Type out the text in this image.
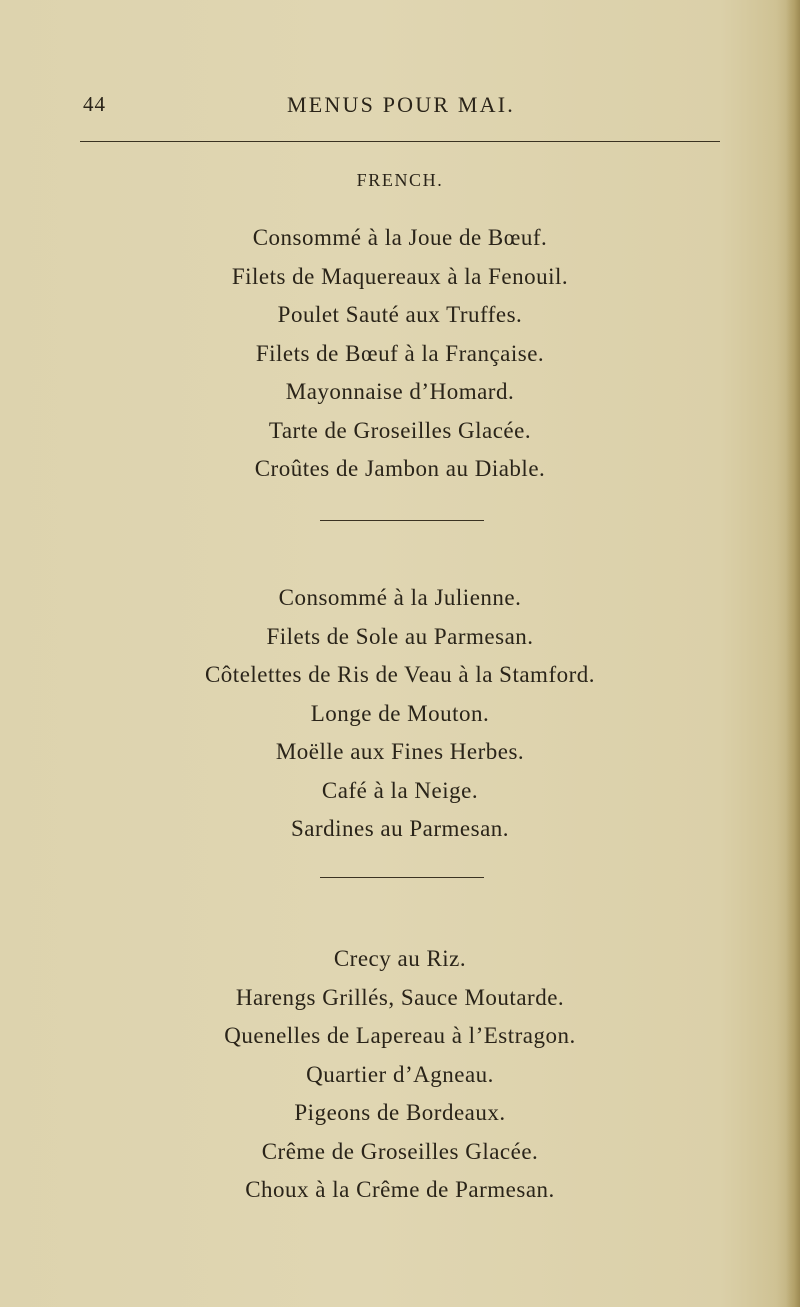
44	MENUS POUR MAI.
FRENCH.
Consommé à la Joue de Bœuf.
Filets de Maquereaux à la Fenouil.
Poulet Sauté aux Truffes.
Filets de Bœuf à la Française.
Mayonnaise d’Homard.
Tarte de Groseilles Glacée.
Croûtes de Jambon au Diable.
Consommé à la Julienne.
Filets de Sole au Parmesan.
Côtelettes de Ris de Veau à la Stamford.
Longe de Mouton.
Moëlle aux Fines Herbes.
Café à la Neige.
Sardines au Parmesan.
Crecy au Riz.
Harengs Grillés, Sauce Moutarde.
Quenelles de Lapereau à l’Estragon.
Quartier d’Agneau.
Pigeons de Bordeaux.
Crême de Groseilles Glacée.
Choux à la Crême de Parmesan.
